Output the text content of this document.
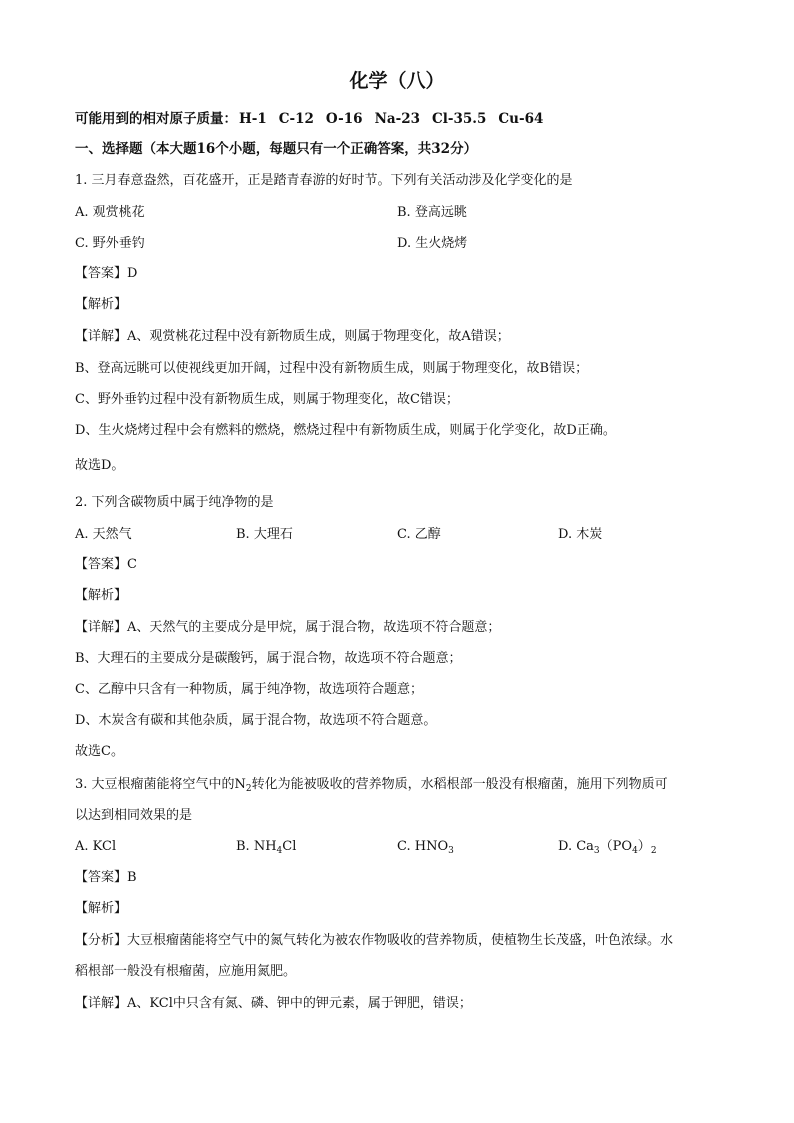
化学（八）
可能用到的相对原子质量： H-1 C-12 O-16 Na-23 Cl-35.5 Cu-64
一、选择题（本大题16个小题，每题只有一个正确答案，共32分）
1. 三月春意盎然，百花盛开，正是踏青春游的好时节。下列有关活动涉及化学变化的是
A. 观赏桃花	B. 登高远眺
C. 野外垂钓	D. 生火烧烤
【答案】D
【解析】
【详解】A、观赏桃花过程中没有新物质生成，则属于物理变化，故A错误；
B、登高远眺可以使视线更加开阔，过程中没有新物质生成，则属于物理变化，故B错误；
C、野外垂钓过程中没有新物质生成，则属于物理变化，故C错误；
D、生火烧烤过程中会有燃料的燃烧，燃烧过程中有新物质生成，则属于化学变化，故D正确。
故选D。
2. 下列含碳物质中属于纯净物的是
A. 天然气	B. 大理石	C. 乙醇	D. 木炭
【答案】C
【解析】
【详解】A、天然气的主要成分是甲烷，属于混合物，故选项不符合题意；
B、大理石的主要成分是碳酸钙，属于混合物，故选项不符合题意；
C、乙醇中只含有一种物质，属于纯净物，故选项符合题意；
D、木炭含有碳和其他杂质，属于混合物，故选项不符合题意。
故选C。
3. 大豆根瘤菌能将空气中的$N_2$转化为能被吸收的营养物质，水稻根部一般没有根瘤菌，施用下列物质可
以达到相同效果的是
A. KCl	B. $NH_4Cl$	C. $HNO_3$	D. $Ca_3(PO_4)_2$
【答案】B
【解析】
【分析】大豆根瘤菌能将空气中的氮气转化为被农作物吸收的营养物质，使植物生长茂盛，叶色浓绿。水
稻根部一般没有根瘤菌，应施用氮肥。
【详解】A、KCl中只含有氮、磷、钾中的钾元素，属于钾肥，错误；
